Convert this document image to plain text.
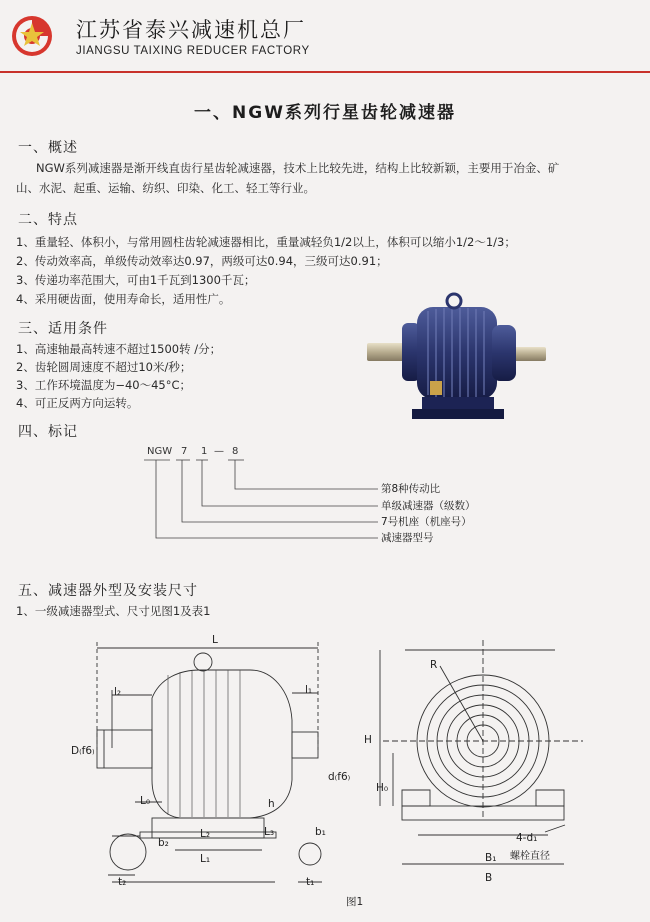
江苏省泰兴减速机总厂
JIANGSU TAIXING REDUCER FACTORY
一、NGW系列行星齿轮减速器
一、概述
NGW系列减速器是渐开线直齿行星齿轮减速器，技术上比较先进，结构上比较新颖，主要用于冶金、矿
山、水泥、起重、运输、纺织、印染、化工、轻工等行业。
二、特点
1、重量轻、体积小，与常用圆柱齿轮减速器相比，重量减轻负1/2以上，体积可以缩小1/2～1/3；
2、传动效率高，单级传动效率达0.97，两级可达0.94，三级可达0.91；
3、传递功率范围大，可由1千瓦到1300千瓦；
4、采用硬齿面，使用寿命长，适用性广。
三、适用条件
1、高速轴最高转速不超过1500转 /分；
2、齿轮圆周速度不超过10米/秒；
3、工作环境温度为−40～45°C；
4、可正反两方向运转。
四、标记
NGW 7 1 — 8
第8种传动比
单级减速器（级数）
7号机座（机座号）
减速器型号
五、减速器外型及安装尺寸
1、一级减速器型式、尺寸见图1及表1
L
l₂	l₁
D₍f6₎
d₍f6₎
L₀	h
L₂	L₃
L₁
b₂
b₁
t₂	t₁
R
H
H₀
4-d₁
螺栓直径
B₁
B
图1
